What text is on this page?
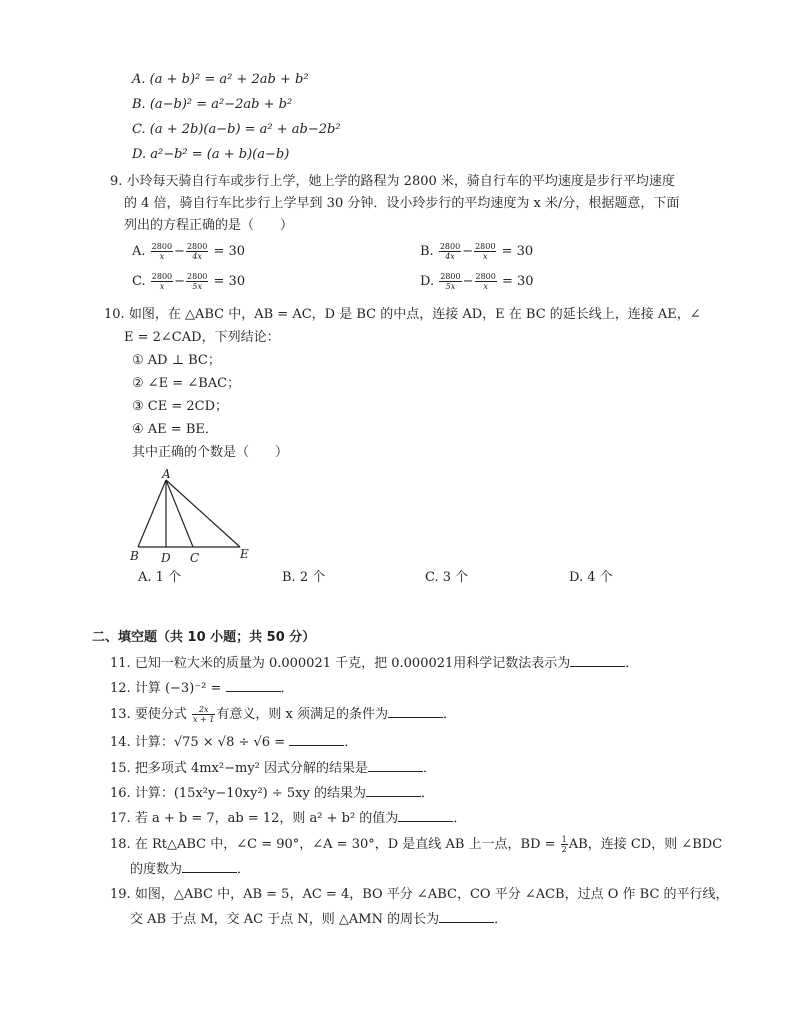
A. (a + b)² = a² + 2ab + b²
B. (a−b)² = a²−2ab + b²
C. (a + 2b)(a−b) = a² + ab−2b²
D. a²−b² = (a + b)(a−b)
9. 小玲每天骑自行车或步行上学，她上学的路程为 2800 米，骑自行车的平均速度是步行平均速度
的 4 倍，骑自行车比步行上学早到 30 分钟．设小玲步行的平均速度为 x 米/分，根据题意，下面
列出的方程正确的是（　　）
A. $\frac{2800}{x} - \frac{2800}{4x} = 30$	B. $\frac{2800}{4x} - \frac{2800}{x} = 30$
C. $\frac{2800}{x} - \frac{2800}{5x} = 30$	D. $\frac{2800}{5x} - \frac{2800}{x} = 30$
10. 如图，在 △ABC 中，AB = AC，D 是 BC 的中点，连接 AD，E 在 BC 的延长线上，连接 AE，∠
E = 2∠CAD，下列结论：
① AD ⊥ BC；
② ∠E = ∠BAC；
③ CE = 2CD；
④ AE = BE．
其中正确的个数是（　　）
A
B D C	E
A. 1 个	B. 2 个	C. 3 个	D. 4 个
二、填空题（共 10 小题；共 50 分）
11. 已知一粒大米的质量为 0.000021 千克，把 0.000021用科学记数法表示为	．
12. 计算 (−3)⁻² =	．
13. 要使分式 $\frac{2x}{x + 1}$ 有意义，则 x 须满足的条件为	．
14. 计算：√75 × √8 ÷ √6 =	．
15. 把多项式 4mx²−my² 因式分解的结果是	．
16. 计算：(15x²y−10xy²) ÷ 5xy 的结果为	．
17. 若 a + b = 7，ab = 12，则 a² + b² 的值为	．
18. 在 Rt△ABC 中，∠C = 90°，∠A = 30°，D 是直线 AB 上一点，BD = $\frac{1}{2}$ AB，连接 CD，则 ∠BDC
的度数为	．
19. 如图，△ABC 中，AB = 5，AC = 4，BO 平分 ∠ABC，CO 平分 ∠ACB，过点 O 作 BC 的平行线，
交 AB 于点 M，交 AC 于点 N，则 △AMN 的周长为	．
